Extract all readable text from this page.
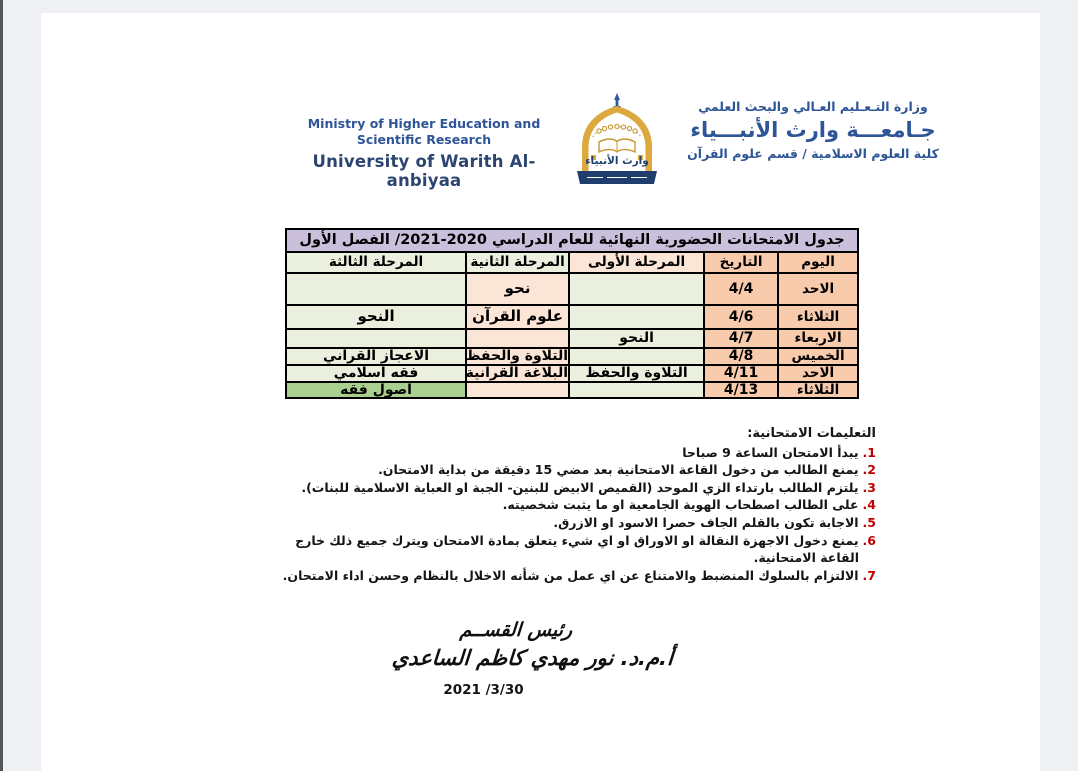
Ministry of Higher Education and
Scientific Research
University of Warith Al- anbiyaa
وارث الأنبياء
وزارة التـعـليم العـالي والبحث العلمي
جـامعـــة وارث الأنبـــياء
كلية العلوم الاسلامية / قسم علوم القرآن
جدول الامتحانات الحضورية النهائية للعام الدراسي 2020-2021/ الفصل الأول				
اليوم	التاريخ	المرحلة الأولى	المرحلة الثانية	المرحلة الثالثة
الاحد	4/4		نحو	
الثلاثاء	4/6		علوم القرآن	النحو
الاربعاء	4/7	النحو		
الخميس	4/8		التلاوة والحفظ	الاعجاز القرآني
الاحد	4/11	التلاوة والحفظ	البلاغة القرانية	فقه اسلامي
الثلاثاء	4/13			اصول فقه
التعليمات الامتحانية:
1.يبدأ الامتحان الساعة 9 صباحا
2.يمنع الطالب من دخول القاعة الامتحانية بعد مضي 15 دقيقة من بداية الامتحان.
3.يلتزم الطالب بارتداء الزي الموحد (القميص الابيض للبنين- الجبة او العباية الاسلامية للبنات).
4.على الطالب اصطحاب الهوية الجامعية او ما يثبت شخصيته.
5.الاجابة تكون بالقلم الجاف حصرا الاسود او الازرق.
6.يمنع دخول الاجهزة النقالة او الاوراق او اي شيء يتعلق بمادة الامتحان ويترك جميع ذلك خارج القاعة الامتحانية.
7.الالتزام بالسلوك المنضبط والامتناع عن اي عمل من شأنه الاخلال بالنظام وحسن اداء الامتحان.
رئيس القســم
أ.م.د. نور مهدي كاظم الساعدي
2021 /3/30
